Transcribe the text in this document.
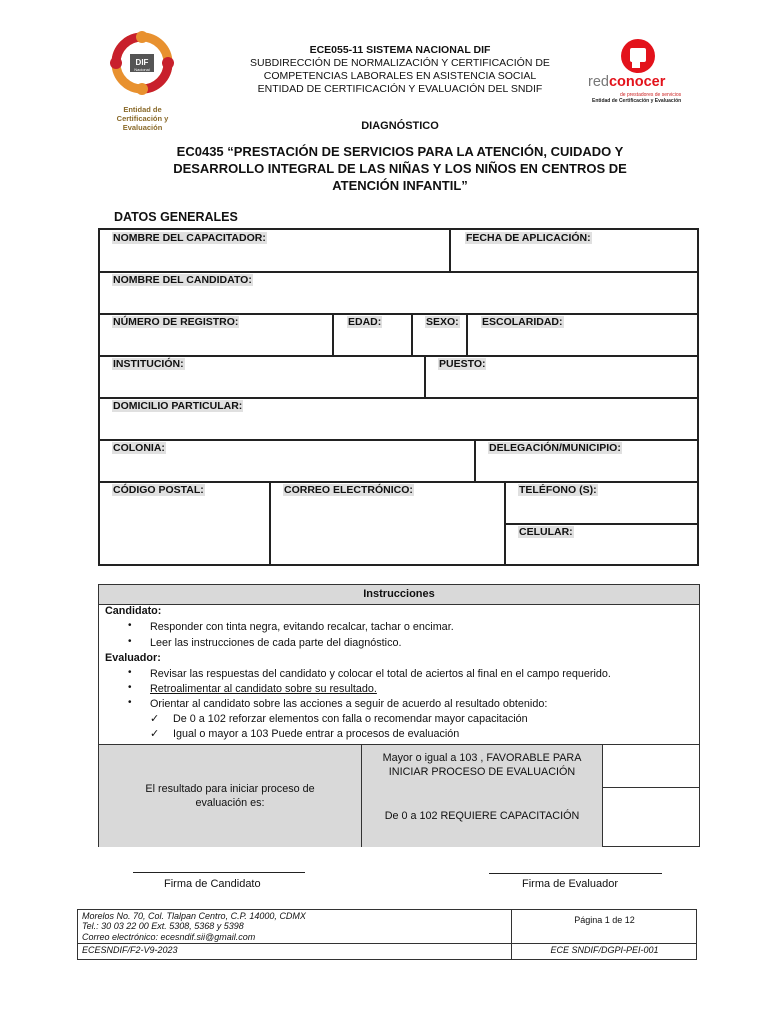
DIF
Nacional
Entidad de Certificación y Evaluación
ECE055-11 SISTEMA NACIONAL DIF
SUBDIRECCIÓN DE NORMALIZACIÓN Y CERTIFICACIÓN DE
COMPETENCIAS LABORALES EN ASISTENCIA SOCIAL
ENTIDAD DE CERTIFICACIÓN Y EVALUACIÓN DEL SNDIF	redconocer
de prestadores de servicios
Entidad de Certificación y Evaluación
DIAGNÓSTICO
EC0435 “PRESTACIÓN DE SERVICIOS PARA LA ATENCIÓN, CUIDADO Y
DESARROLLO INTEGRAL DE LAS NIÑAS Y LOS NIÑOS EN CENTROS DE
ATENCIÓN INFANTIL”
DATOS GENERALES
NOMBRE DEL CAPACITADOR:	FECHA DE APLICACIÓN:
NOMBRE DEL CANDIDATO:
NÚMERO DE REGISTRO:	EDAD:	SEXO: ESCOLARIDAD:
INSTITUCIÓN:	PUESTO:
DOMICILIO PARTICULAR:
COLONIA:	DELEGACIÓN/MUNICIPIO:
CÓDIGO POSTAL:	CORREO ELECTRÓNICO:	TELÉFONO (S):
CELULAR:
Instrucciones
Candidato:
• Responder con tinta negra, evitando recalcar, tachar o encimar.
• Leer las instrucciones de cada parte del diagnóstico.
Evaluador:
• Revisar las respuestas del candidato y colocar el total de aciertos al final en el campo requerido.
• Retroalimentar al candidato sobre su resultado.
• Orientar al candidato sobre las acciones a seguir de acuerdo al resultado obtenido:
✓ De 0 a 102 reforzar elementos con falla o recomendar mayor capacitación
✓ Igual o mayor a 103 Puede entrar a procesos de evaluación
El resultado para iniciar proceso de evaluación es:
Mayor o igual a 103 , FAVORABLE PARA INICIAR PROCESO DE EVALUACIÓN
De 0 a 102 REQUIERE CAPACITACIÓN
Firma de Candidato	Firma de Evaluador
Morelos No. 70, Col. Tlalpan Centro, C.P. 14000, CDMX
Tel.: 30 03 22 00 Ext. 5308, 5368 y 5398
Correo electrónico: ecesndif.sii@gmail.com
Página 1 de 12
ECESNDIF/F2-V9-2023	ECE SNDIF/DGPI-PEI-001
